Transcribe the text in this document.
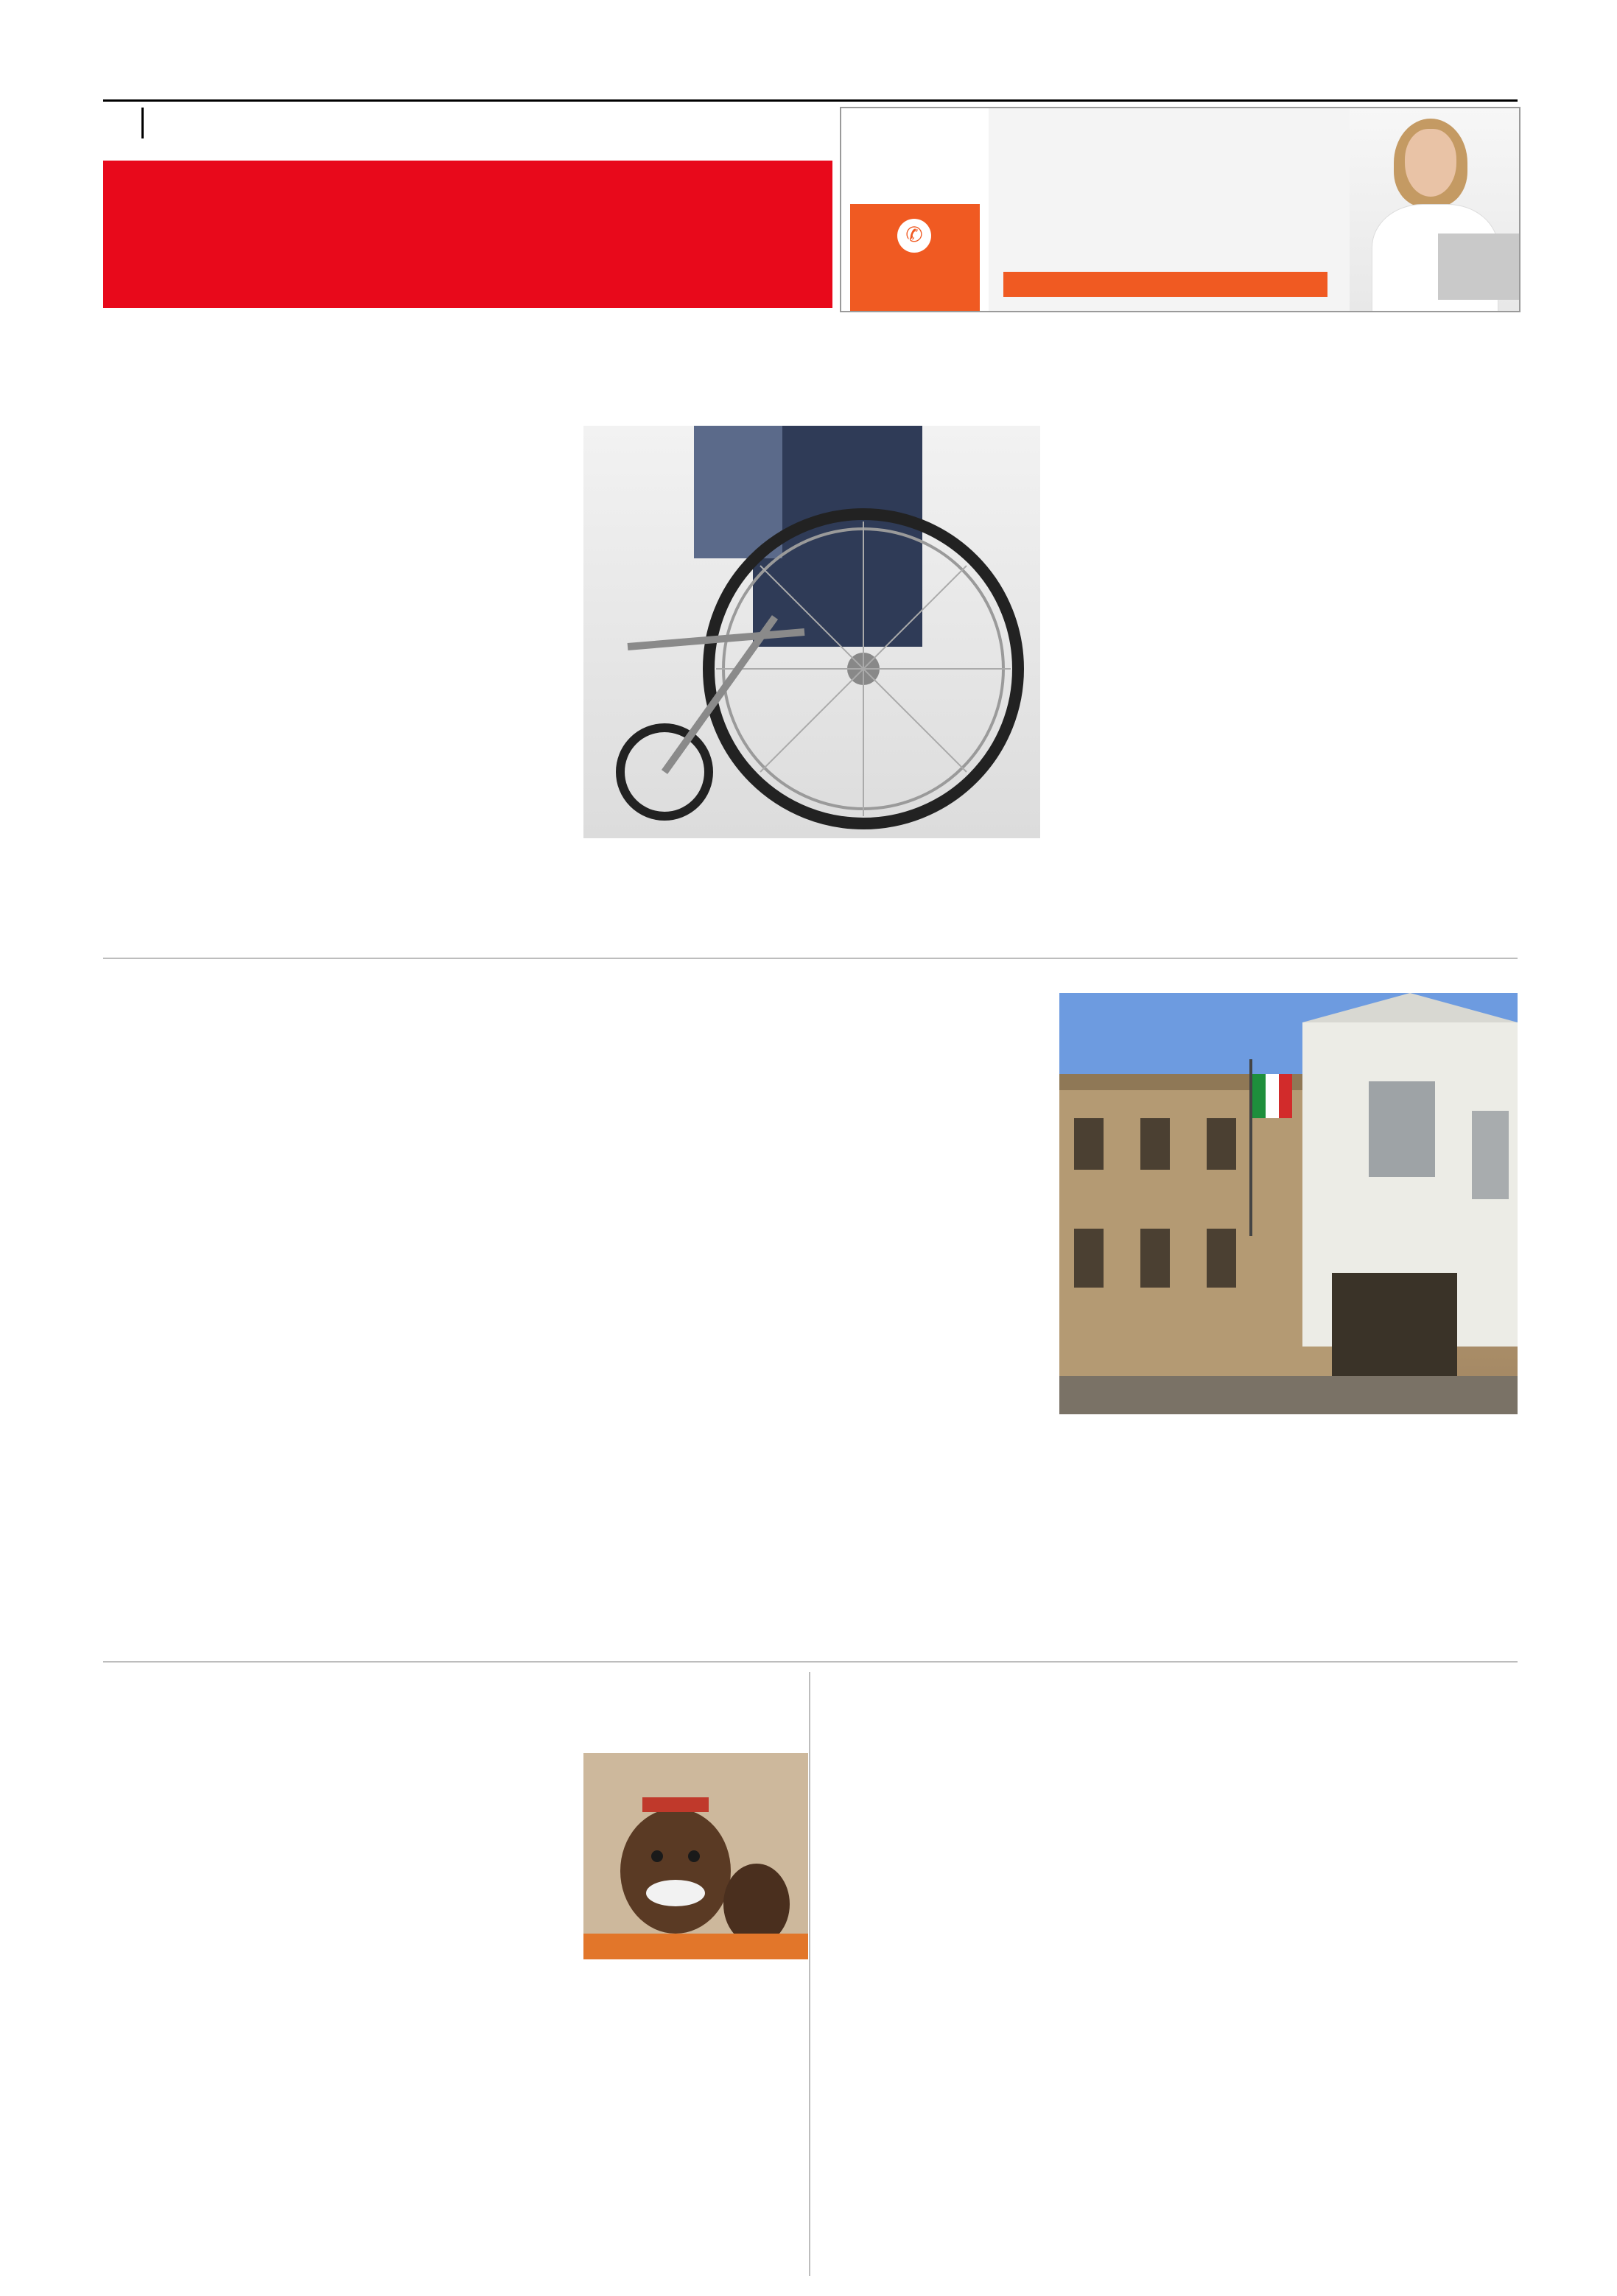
✆
